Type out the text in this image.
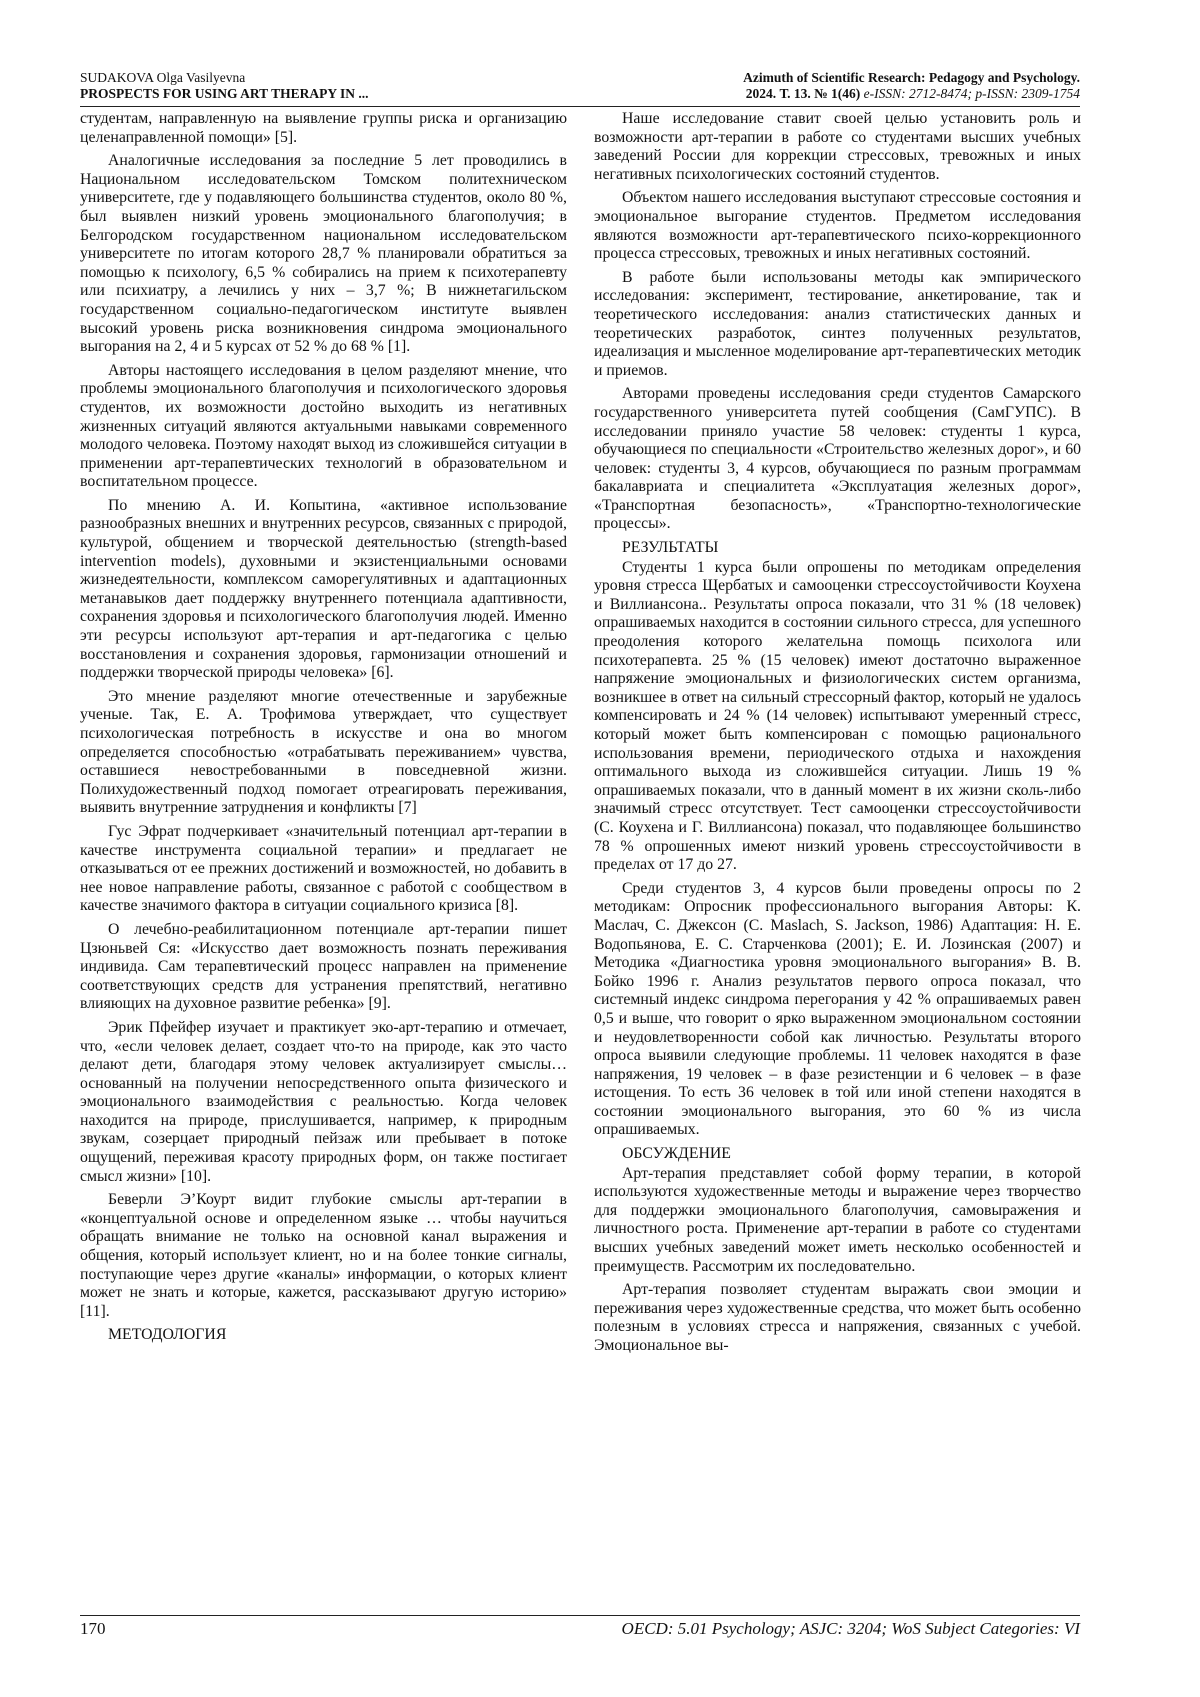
SUDAKOVA Olga Vasilyevna
PROSPECTS FOR USING ART THERAPY IN ...
Azimuth of Scientific Research: Pedagogy and Psychology.
2024. Т. 13. № 1(46) e-ISSN: 2712-8474; p-ISSN: 2309-1754

студентам, направленную на выявление группы риска и организацию целенаправленной помощи» [5].

Аналогичные исследования за последние 5 лет проводились в Национальном исследовательском Томском политехническом университете, где у подавляющего большинства студентов, около 80 %, был выявлен низкий уровень эмоционального благополучия; в Белгородском государственном национальном исследовательском университете по итогам которого 28,7 % планировали обратиться за помощью к психологу, 6,5 % собирались на прием к психотерапевту или психиатру, а лечились у них – 3,7 %; В нижнетагильском государственном социально-педагогическом институте выявлен высокий уровень риска возникновения синдрома эмоционального выгорания на 2, 4 и 5 курсах от 52 % до 68 % [1].

Авторы настоящего исследования в целом разделяют мнение, что проблемы эмоционального благополучия и психологического здоровья студентов, их возможности достойно выходить из негативных жизненных ситуаций являются актуальными навыками современного молодого человека. Поэтому находят выход из сложившейся ситуации в применении арт-терапевтических технологий в образовательном и воспитательном процессе.

По мнению А. И. Копытина, «активное использование разнообразных внешних и внутренних ресурсов, связанных с природой, культурой, общением и творческой деятельностью (strength-based intervention models), духовными и экзистенциальными основами жизнедеятельности, комплексом саморегулятивных и адаптационных метанавыков дает поддержку внутреннего потенциала адаптивности, сохранения здоровья и психологического благополучия людей. Именно эти ресурсы используют арт-терапия и арт-педагогика с целью восстановления и сохранения здоровья, гармонизации отношений и поддержки творческой природы человека» [6].

Это мнение разделяют многие отечественные и зарубежные ученые. Так, Е. А. Трофимова утверждает, что существует психологическая потребность в искусстве и она во многом определяется способностью «отрабатывать переживанием» чувства, оставшиеся невостребованными в повседневной жизни. Полихудожественный подход помогает отреагировать переживания, выявить внутренние затруднения и конфликты [7]

Гус Эфрат подчеркивает «значительный потенциал арт-терапии в качестве инструмента социальной терапии» и предлагает не отказываться от ее прежних достижений и возможностей, но добавить в нее новое направление работы, связанное с работой с сообществом в качестве значимого фактора в ситуации социального кризиса [8].

О лечебно-реабилитационном потенциале арт-терапии пишет Цзюньвей Ся: «Искусство дает возможность познать переживания индивида. Сам терапевтический процесс направлен на применение соответствующих средств для устранения препятствий, негативно влияющих на духовное развитие ребенка» [9].

Эрик Пфейфер изучает и практикует эко-арт-терапию и отмечает, что, «если человек делает, создает что-то на природе, как это часто делают дети, благодаря этому человек актуализирует смыслы… основанный на получении непосредственного опыта физического и эмоционального взаимодействия с реальностью. Когда человек находится на природе, прислушивается, например, к природным звукам, созерцает природный пейзаж или пребывает в потоке ощущений, переживая красоту природных форм, он также постигает смысл жизни» [10].

Беверли Э’Коурт видит глубокие смыслы арт-терапии в «концептуальной основе и определенном языке … чтобы научиться обращать внимание не только на основной канал выражения и общения, который использует клиент, но и на более тонкие сигналы, поступающие через другие «каналы» информации, о которых клиент может не знать и которые, кажется, рассказывают другую историю» [11].

МЕТОДОЛОГИЯ

Наше исследование ставит своей целью установить роль и возможности арт-терапии в работе со студентами высших учебных заведений России для коррекции стрессовых, тревожных и иных негативных психологических состояний студентов.

Объектом нашего исследования выступают стрессовые состояния и эмоциональное выгорание студентов. Предметом исследования являются возможности арт-терапевтического психо-коррекционного процесса стрессовых, тревожных и иных негативных состояний.

В работе были использованы методы как эмпирического исследования: эксперимент, тестирование, анкетирование, так и теоретического исследования: анализ статистических данных и теоретических разработок, синтез полученных результатов, идеализация и мысленное моделирование арт-терапевтических методик и приемов.

Авторами проведены исследования среди студентов Самарского государственного университета путей сообщения (СамГУПС). В исследовании приняло участие 58 человек: студенты 1 курса, обучающиеся по специальности «Строительство железных дорог», и 60 человек: студенты 3, 4 курсов, обучающиеся по разным программам бакалавриата и специалитета «Эксплуатация железных дорог», «Транспортная безопасность», «Транспортно-технологические процессы».

РЕЗУЛЬТАТЫ

Студенты 1 курса были опрошены по методикам определения уровня стресса Щербатых и самооценки стрессоустойчивости Коухена и Виллиансона.. Результаты опроса показали, что 31 % (18 человек) опрашиваемых находится в состоянии сильного стресса, для успешного преодоления которого желательна помощь психолога или психотерапевта. 25 % (15 человек) имеют достаточно выраженное напряжение эмоциональных и физиологических систем организма, возникшее в ответ на сильный стрессорный фактор, который не удалось компенсировать и 24 % (14 человек) испытывают умеренный стресс, который может быть компенсирован с помощью рационального использования времени, периодического отдыха и нахождения оптимального выхода из сложившейся ситуации. Лишь 19 % опрашиваемых показали, что в данный момент в их жизни сколь-либо значимый стресс отсутствует. Тест самооценки стрессоустойчивости (С. Коухена и Г. Виллиансона) показал, что подавляющее большинство 78 % опрошенных имеют низкий уровень стрессоустойчивости в пределах от 17 до 27.

Среди студентов 3, 4 курсов были проведены опросы по 2 методикам: Опросник профессионального выгорания Авторы: К. Маслач, С. Джексон (C. Maslach, S. Jackson, 1986) Адаптация: Н. Е. Водопьянова, Е. С. Старченкова (2001); Е. И. Лозинская (2007) и Методика «Диагностика уровня эмоционального выгорания» В. В. Бойко 1996 г. Анализ результатов первого опроса показал, что системный индекс синдрома перегорания у 42 % опрашиваемых равен 0,5 и выше, что говорит о ярко выраженном эмоциональном состоянии и неудовлетворенности собой как личностью. Результаты второго опроса выявили следующие проблемы. 11 человек находятся в фазе напряжения, 19 человек – в фазе резистенции и 6 человек – в фазе истощения. То есть 36 человек в той или иной степени находятся в состоянии эмоционального выгорания, это 60 % из числа опрашиваемых.

ОБСУЖДЕНИЕ

Арт-терапия представляет собой форму терапии, в которой используются художественные методы и выражение через творчество для поддержки эмоционального благополучия, самовыражения и личностного роста. Применение арт-терапии в работе со студентами высших учебных заведений может иметь несколько особенностей и преимуществ. Рассмотрим их последовательно.

Арт-терапия позволяет студентам выражать свои эмоции и переживания через художественные средства, что может быть особенно полезным в условиях стресса и напряжения, связанных с учебой. Эмоциональное вы-

170	OECD: 5.01 Psychology; ASJC: 3204; WoS Subject Categories: VI
